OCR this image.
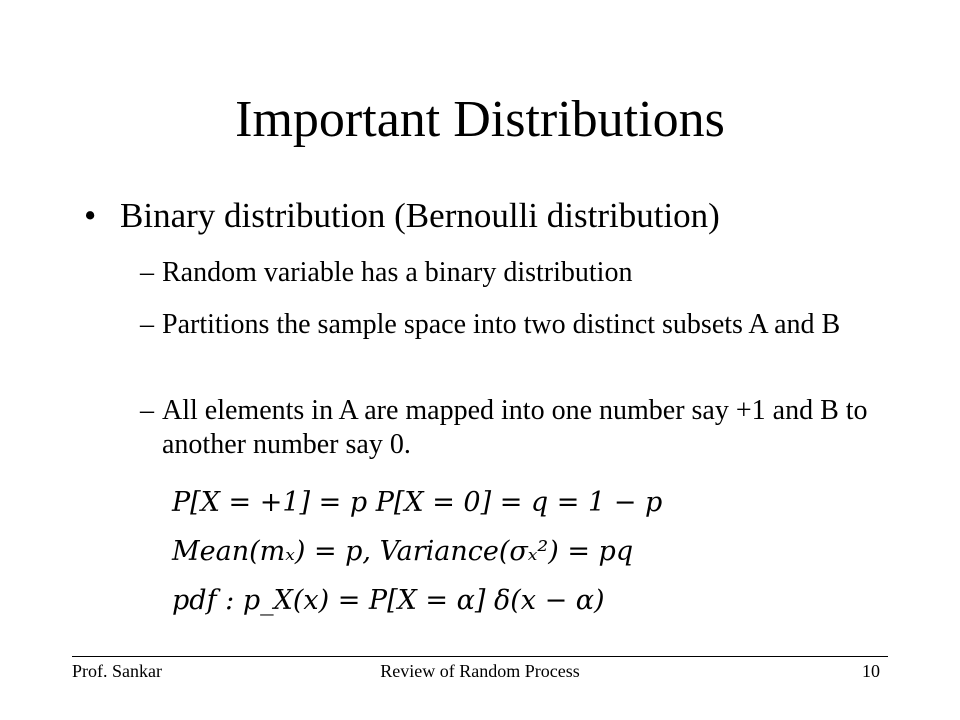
Important Distributions
• Binary distribution (Bernoulli distribution)
– Random variable has a binary distribution
– Partitions the sample space into two distinct subsets A and B
– All elements in A are mapped into one number say +1 and B to another number say 0.
P[X = +1] = p P[X = 0] = q = 1 − p
Mean(mₓ) = p, Variance(σₓ²) = pq
pdf : p_X(x) = P[X = α] δ(x − α)
Prof. Sankar	Review of Random Process	10
